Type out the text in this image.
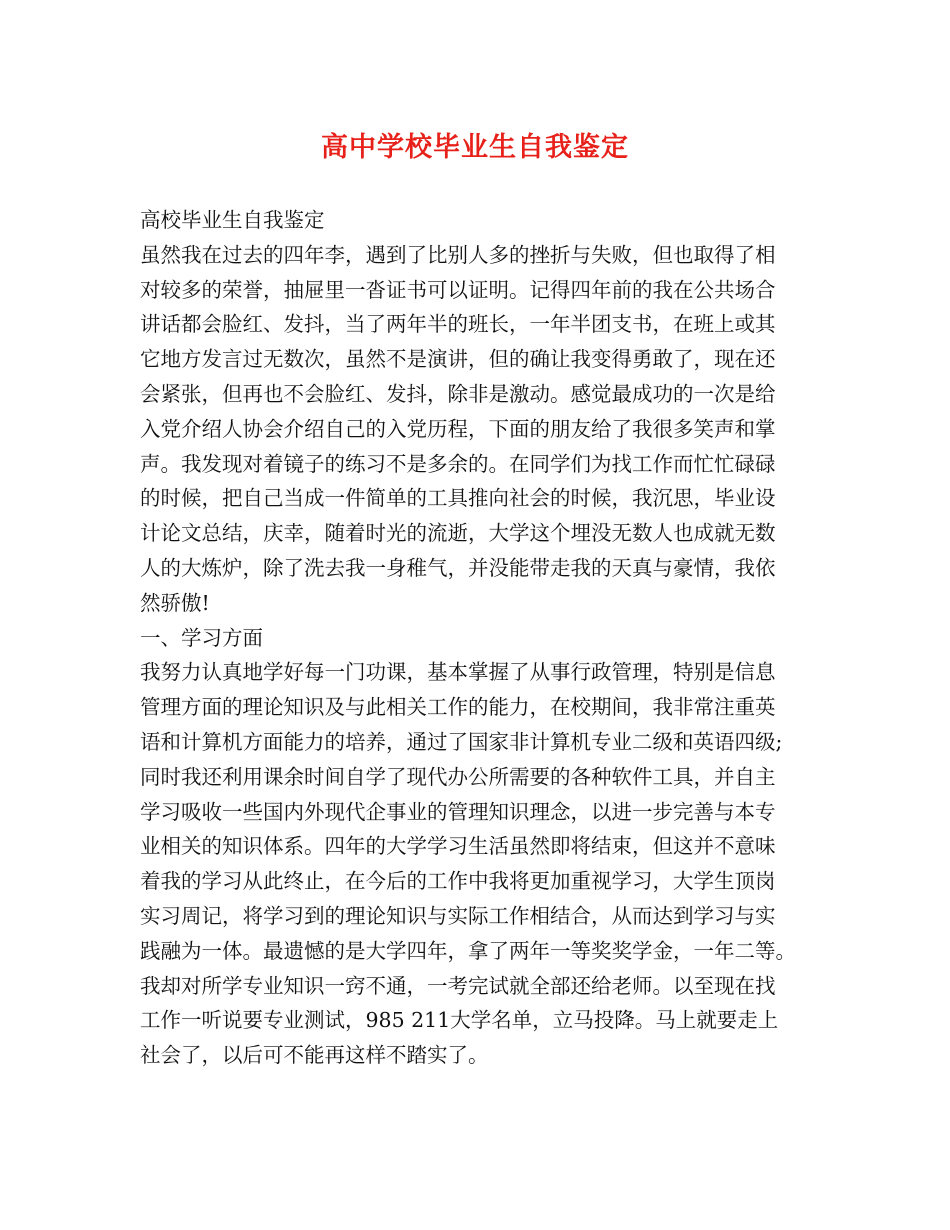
高中学校毕业生自我鉴定
高校毕业生自我鉴定
虽然我在过去的四年李，遇到了比别人多的挫折与失败，但也取得了相
对较多的荣誉，抽屉里一沓证书可以证明。记得四年前的我在公共场合
讲话都会脸红、发抖，当了两年半的班长，一年半团支书，在班上或其
它地方发言过无数次，虽然不是演讲，但的确让我变得勇敢了，现在还
会紧张，但再也不会脸红、发抖，除非是激动。感觉最成功的一次是给
入党介绍人协会介绍自己的入党历程，下面的朋友给了我很多笑声和掌
声。我发现对着镜子的练习不是多余的。在同学们为找工作而忙忙碌碌
的时候，把自己当成一件简单的工具推向社会的时候，我沉思，毕业设
计论文总结，庆幸，随着时光的流逝，大学这个埋没无数人也成就无数
人的大炼炉，除了洗去我一身稚气，并没能带走我的天真与豪情，我依
然骄傲!
一、学习方面
我努力认真地学好每一门功课，基本掌握了从事行政管理，特别是信息
管理方面的理论知识及与此相关工作的能力，在校期间，我非常注重英
语和计算机方面能力的培养，通过了国家非计算机专业二级和英语四级;
同时我还利用课余时间自学了现代办公所需要的各种软件工具，并自主
学习吸收一些国内外现代企事业的管理知识理念，以进一步完善与本专
业相关的知识体系。四年的大学学习生活虽然即将结束，但这并不意味
着我的学习从此终止，在今后的工作中我将更加重视学习，大学生顶岗
实习周记，将学习到的理论知识与实际工作相结合，从而达到学习与实
践融为一体。最遗憾的是大学四年，拿了两年一等奖奖学金，一年二等。
我却对所学专业知识一窍不通，一考完试就全部还给老师。以至现在找
工作一听说要专业测试，985 211大学名单，立马投降。马上就要走上
社会了，以后可不能再这样不踏实了。
